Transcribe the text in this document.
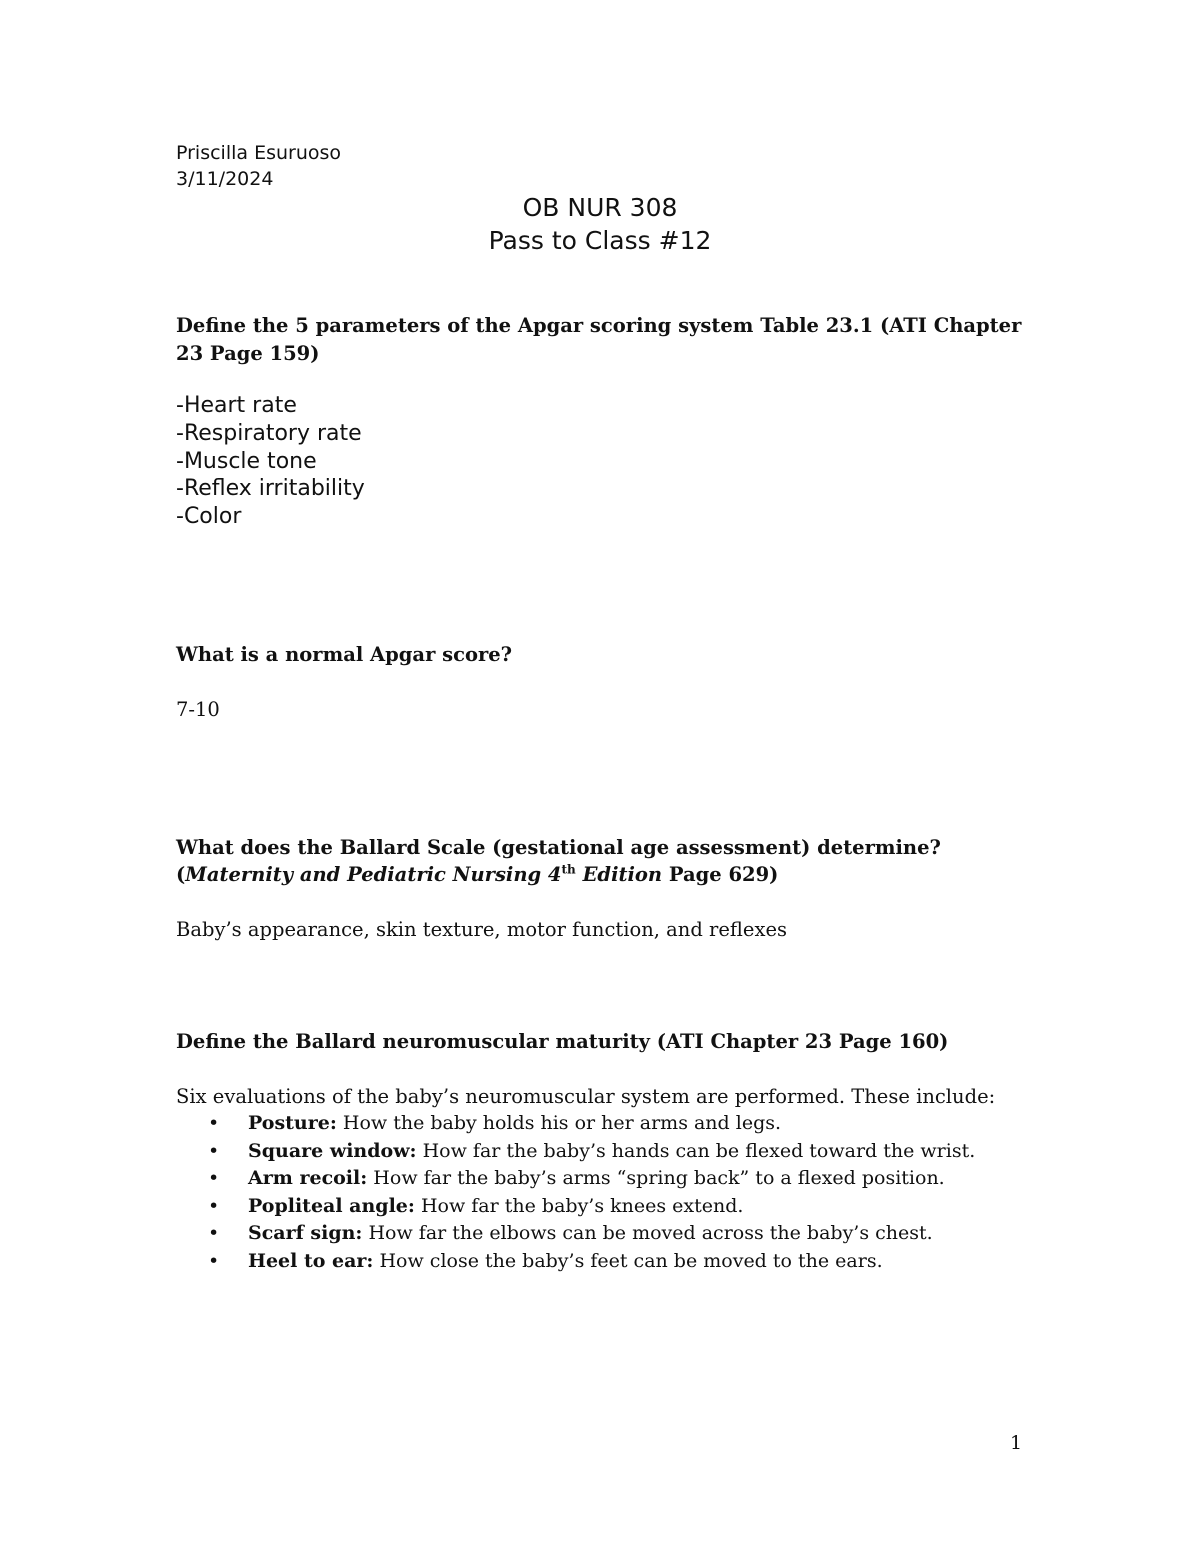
Priscilla Esuruoso
3/11/2024
OB NUR 308
Pass to Class #12
Define the 5 parameters of the Apgar scoring system Table 23.1 (ATI Chapter
23 Page 159)
-Heart rate
-Respiratory rate
-Muscle tone
-Reflex irritability
-Color
What is a normal Apgar score?
7-10
What does the Ballard Scale (gestational age assessment) determine?
(Maternity and Pediatric Nursing 4th Edition Page 629)
Baby’s appearance, skin texture, motor function, and reflexes
Define the Ballard neuromuscular maturity (ATI Chapter 23 Page 160)
Six evaluations of the baby’s neuromuscular system are performed. These include:
• Posture: How the baby holds his or her arms and legs.
• Square window: How far the baby’s hands can be flexed toward the wrist.
• Arm recoil: How far the baby’s arms “spring back” to a flexed position.
• Popliteal angle: How far the baby’s knees extend.
• Scarf sign: How far the elbows can be moved across the baby’s chest.
• Heel to ear: How close the baby’s feet can be moved to the ears.
1
